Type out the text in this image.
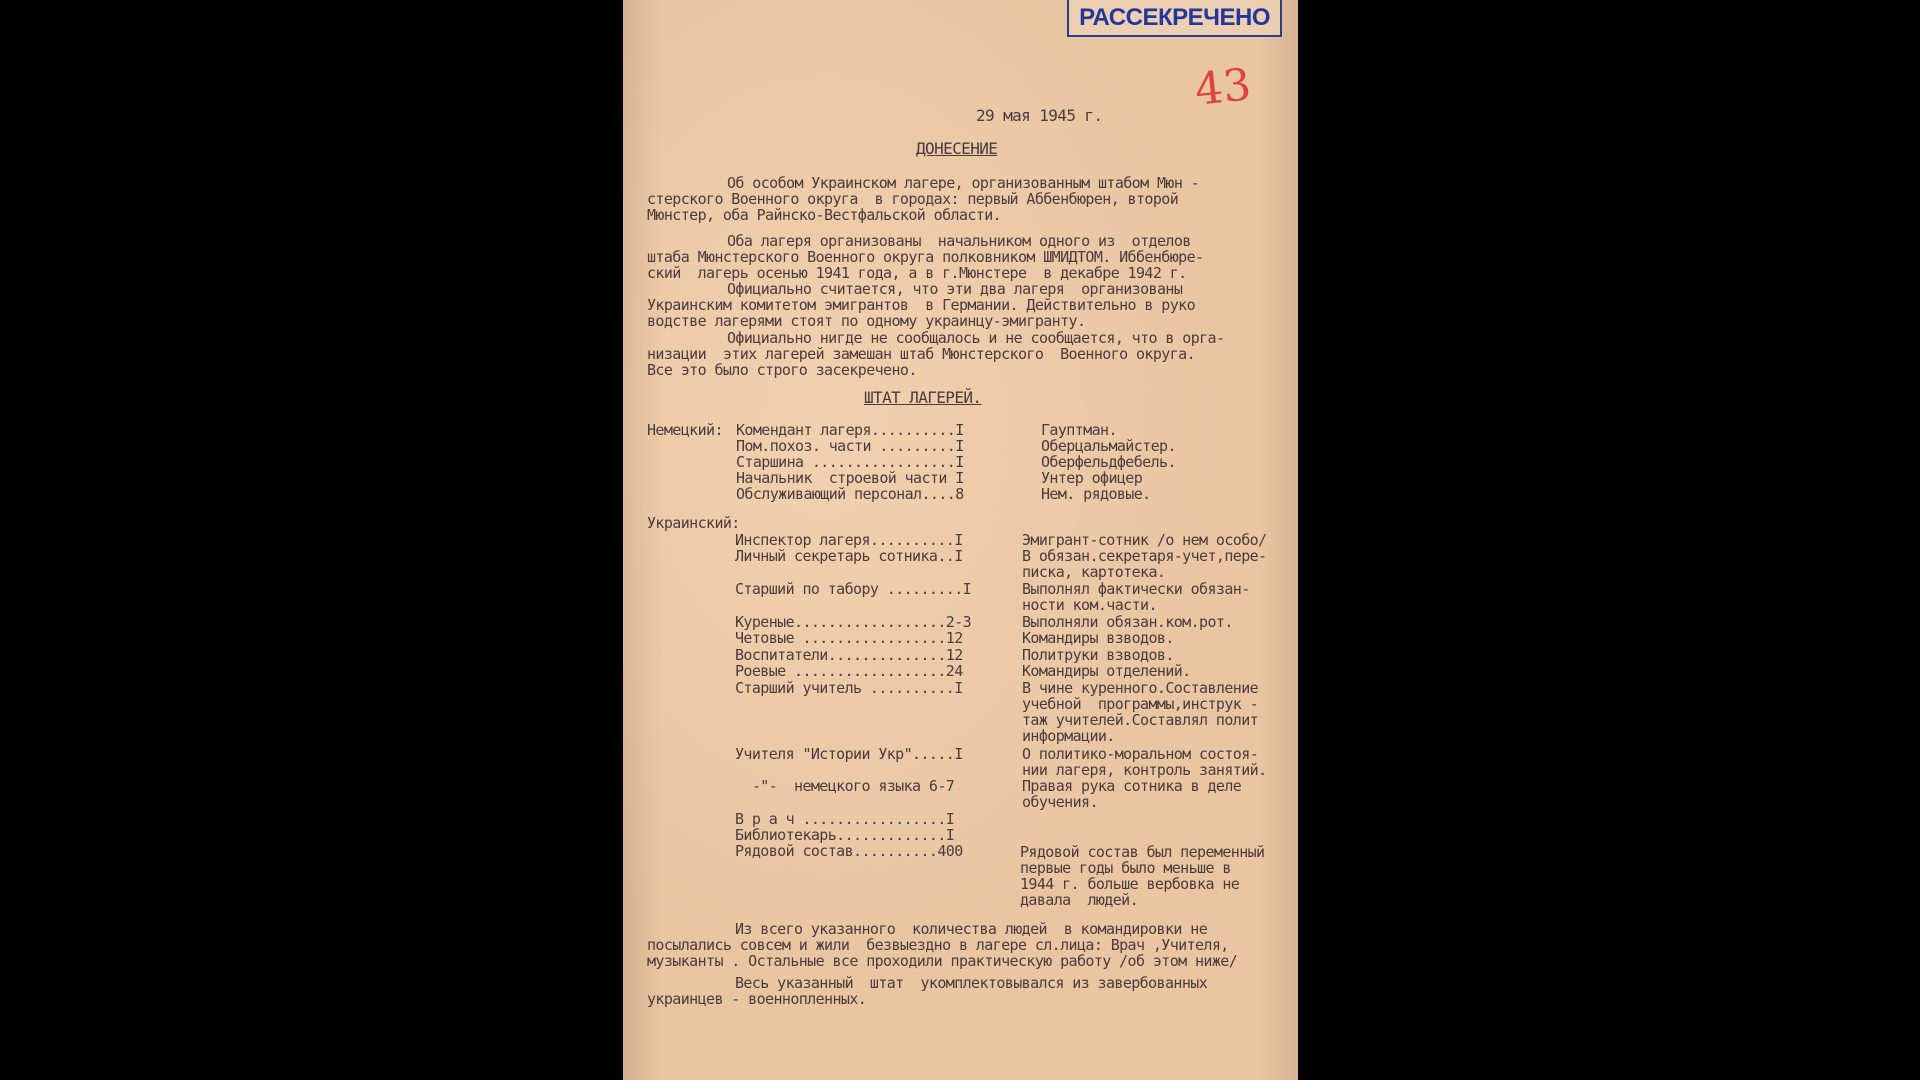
РАССЕКРЕЧЕНО
43
29 мая 1945 г.
ДОНЕСЕНИЕ
Об особом Украинском лагере, организованным штабом Мюн -
стерского Военного округа  в городах: первый Аббенбюрен, второй
Мюнстер, оба Райнско-Вестфальской области.
Оба лагеря организованы  начальником одного из  отделов
штаба Мюнстерского Военного округа полковником ШМИДТОМ. Иббенбюре-
ский  лагерь осенью 1941 года, а в г.Мюнстере  в декабре 1942 г.
Официально считается, что эти два лагеря  организованы
Украинским комитетом эмигрантов  в Германии. Действительно в руко
водстве лагерями стоят по одному украинцу-эмигранту.
Официально нигде не сообщалось и не сообщается, что в орга-
низации  этих лагерей замешан штаб Мюнстерского  Военного округа.
Все это было строго засекречено.
ШТАТ ЛАГЕРЕЙ.
Немецкий: Комендант лагеря..........I	Гауптман.
Пом.похоз. части .........I	Оберцальмайстер.
Старшина .................I	Оберфельдфебель.
Начальник  строевой части I	Унтер офицер
Обслуживающий персонал....8	Нем. рядовые.
Украинский:
Инспектор лагеря..........I	Эмигрант-сотник /о нем особо/
Личный секретарь сотника..I	В обязан.секретаря-учет,пере-
писка, картотека.
Старший по табору .........I	Выполнял фактически обязан-
ности ком.части.
Куреные..................2-3	Выполняли обязан.ком.рот.
Четовые .................12	Командиры взводов.
Воспитатели..............12	Политруки взводов.
Роевые ..................24	Командиры отделений.
Старший учитель ..........I	В чине куренного.Составление
учебной  программы,инструк -
таж учителей.Составлял полит
информации.
Учителя "Истории Укр".....I	О политико-моральном состоя-
нии лагеря, контроль занятий.
-"-  немецкого языка 6-7	Правая рука сотника в деле
обучения.
В р а ч .................I
Библиотекарь.............I
Рядовой состав..........400	Рядовой состав был переменный
первые годы было меньше в
1944 г. больше вербовка не
давала  людей.
Из всего указанного  количества людей  в командировки не
посылались совсем и жили  безвыездно в лагере сл.лица: Врач ,Учителя,
музыканты . Остальные все проходили практическую работу /об этом ниже/
Весь указанный  штат  укомплектовывался из завербованных
украинцев - военнопленных.
